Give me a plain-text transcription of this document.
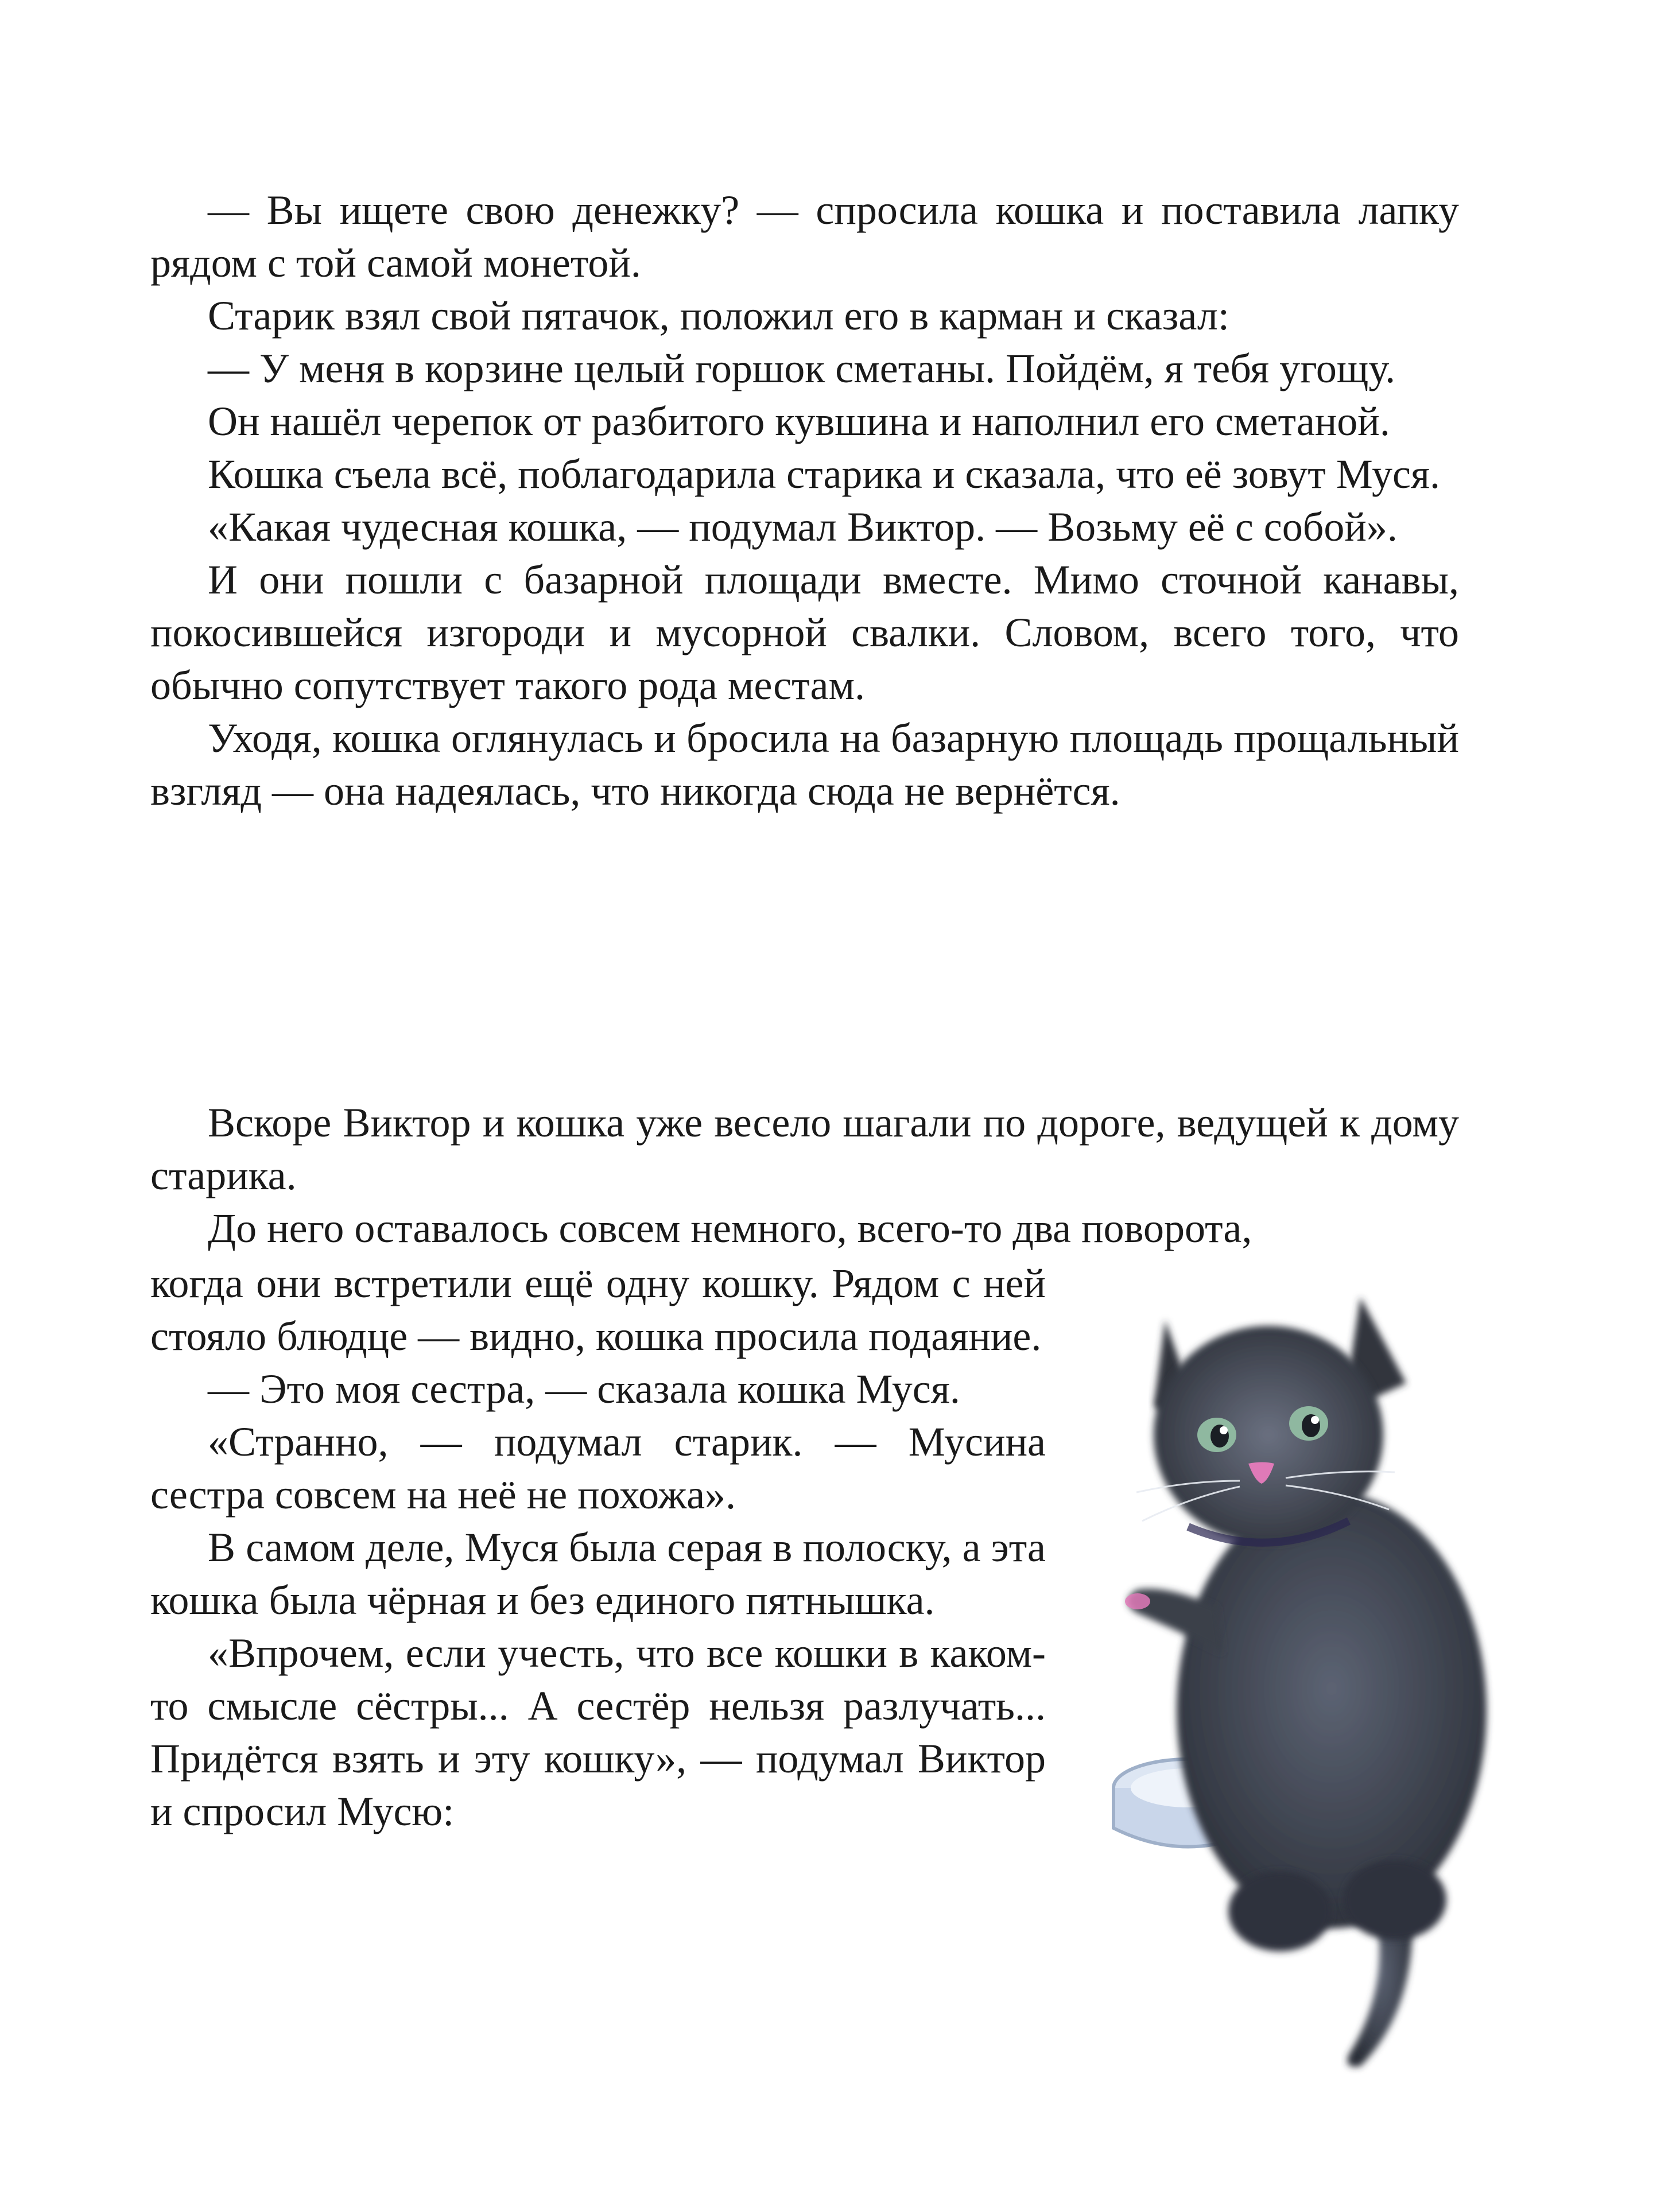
— Вы ищете свою денежку? — спросила кошка и поставила лапку рядом с той самой монетой.

Старик взял свой пятачок, положил его в карман и сказал:

— У меня в корзине целый горшок сметаны. Пойдём, я тебя угощу.

Он нашёл черепок от разбитого кувшина и наполнил его сметаной.

Кошка съела всё, поблагодарила старика и сказала, что её зовут Муся.

«Какая чудесная кошка, — подумал Виктор. — Возьму её с собой».

И они пошли с базарной площади вместе. Мимо сточной канавы, покосившейся изгороди и мусорной свалки. Словом, всего того, что обычно сопутствует такого рода местам.

Уходя, кошка оглянулась и бросила на базарную площадь прощальный взгляд — она надеялась, что никогда сюда не вернётся.

Вскоре Виктор и кошка уже весело шагали по дороге, ведущей к дому старика.

До него оставалось совсем немного, всего-то два поворота,

когда они встретили ещё одну кошку. Рядом с ней стояло блюдце — видно, кошка просила подаяние.

— Это моя сестра, — сказала кошка Муся.

«Странно, — подумал старик. — Мусина сестра совсем на неё не похожа».

В самом деле, Муся была серая в полоску, а эта кошка была чёрная и без единого пятнышка.

«Впрочем, если учесть, что все кошки в каком-то смысле сёстры... А сестёр нельзя разлучать... Придётся взять и эту кошку», — подумал Виктор и спросил Мусю:
